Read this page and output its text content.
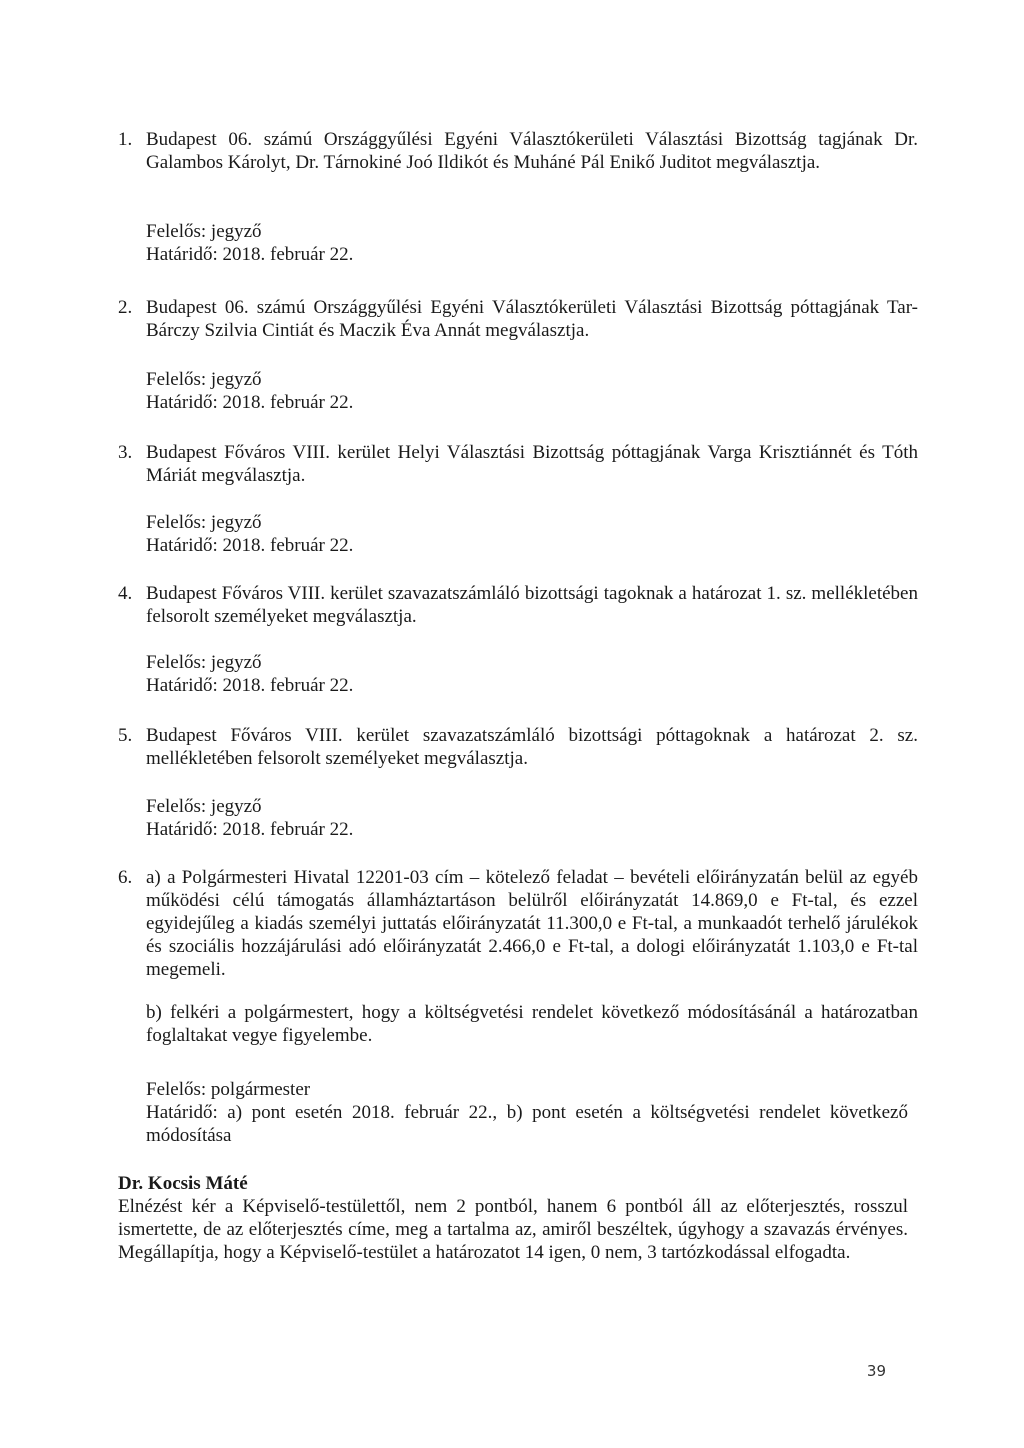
1. Budapest 06. számú Országgyűlési Egyéni Választókerületi Választási Bizottság tagjának Dr. Galambos Károlyt, Dr. Tárnokiné Joó Ildikót és Muháné Pál Enikő Juditot megválasztja.

Felelős: jegyző
Határidő: 2018. február 22.
2. Budapest 06. számú Országgyűlési Egyéni Választókerületi Választási Bizottság póttagjának Tar-Bárczy Szilvia Cintiát és Maczik Éva Annát megválasztja.

Felelős: jegyző
Határidő: 2018. február 22.
3. Budapest Főváros VIII. kerület Helyi Választási Bizottság póttagjának Varga Krisztiánnét és Tóth Máriát megválasztja.

Felelős: jegyző
Határidő: 2018. február 22.
4. Budapest Főváros VIII. kerület szavazatszámláló bizottsági tagoknak a határozat 1. sz. mellékletében felsorolt személyeket megválasztja.

Felelős: jegyző
Határidő: 2018. február 22.
5. Budapest Főváros VIII. kerület szavazatszámláló bizottsági póttagoknak a határozat 2. sz. mellékletében felsorolt személyeket megválasztja.

Felelős: jegyző
Határidő: 2018. február 22.
6. a) a Polgármesteri Hivatal 12201-03 cím – kötelező feladat – bevételi előirányzatán belül az egyéb működési célú támogatás államháztartáson belülről előirányzatát 14.869,0 e Ft-tal, és ezzel egyidejűleg a kiadás személyi juttatás előirányzatát 11.300,0 e Ft-tal, a munkaadót terhelő járulékok és szociális hozzájárulási adó előirányzatát 2.466,0 e Ft-tal, a dologi előirányzatát 1.103,0 e Ft-tal megemeli.

b) felkéri a polgármestert, hogy a költségvetési rendelet következő módosításánál a határozatban foglaltakat vegye figyelembe.

Felelős: polgármester
Határidő: a) pont esetén 2018. február 22., b) pont esetén a költségvetési rendelet következő módosítása
Dr. Kocsis Máté
Elnézést kér a Képviselő-testülettől, nem 2 pontból, hanem 6 pontból áll az előterjesztés, rosszul ismertette, de az előterjesztés címe, meg a tartalma az, amiről beszéltek, úgyhogy a szavazás érvényes. Megállapítja, hogy a Képviselő-testület a határozatot 14 igen, 0 nem, 3 tartózkodással elfogadta.
39
